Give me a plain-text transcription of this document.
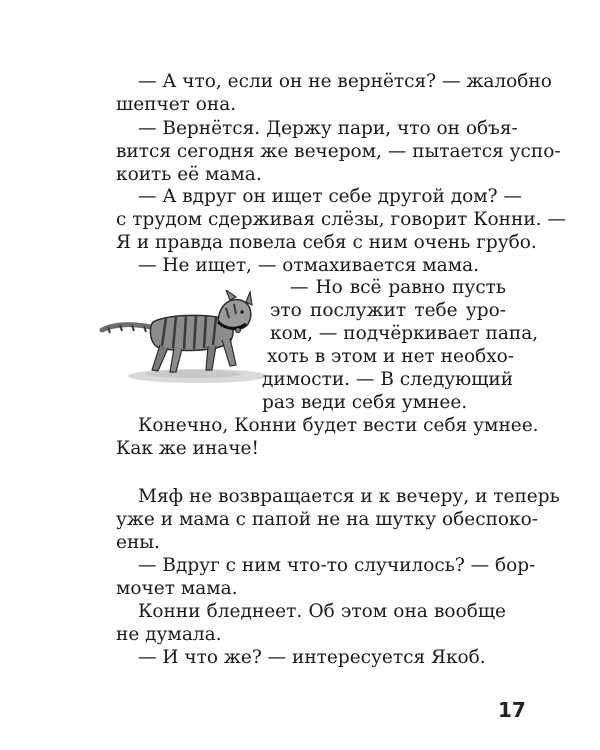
— А что, если он не вернётся? — жалобно
шепчет она.
— Вернётся. Держу пари, что он объя-
вится сегодня же вечером, — пытается успо-
коить её мама.
— А вдруг он ищет себе другой дом? —
с трудом сдерживая слёзы, говорит Конни. —
Я и правда повела себя с ним очень грубо.
— Не ищет, — отмахивается мама.
— Но всё равно пусть
это послужит тебе уро-
ком, — подчёркивает папа,
хоть в этом и нет необхо-
димости. — В следующий
раз веди себя умнее.
Конечно, Конни будет вести себя умнее.
Как же иначе!
Мяф не возвращается и к вечеру, и теперь
уже и мама с папой не на шутку обеспоко-
ены.
— Вдруг с ним что-то случилось? — бор-
мочет мама.
Конни бледнеет. Об этом она вообще
не думала.
— И что же? — интересуется Якоб.
17
